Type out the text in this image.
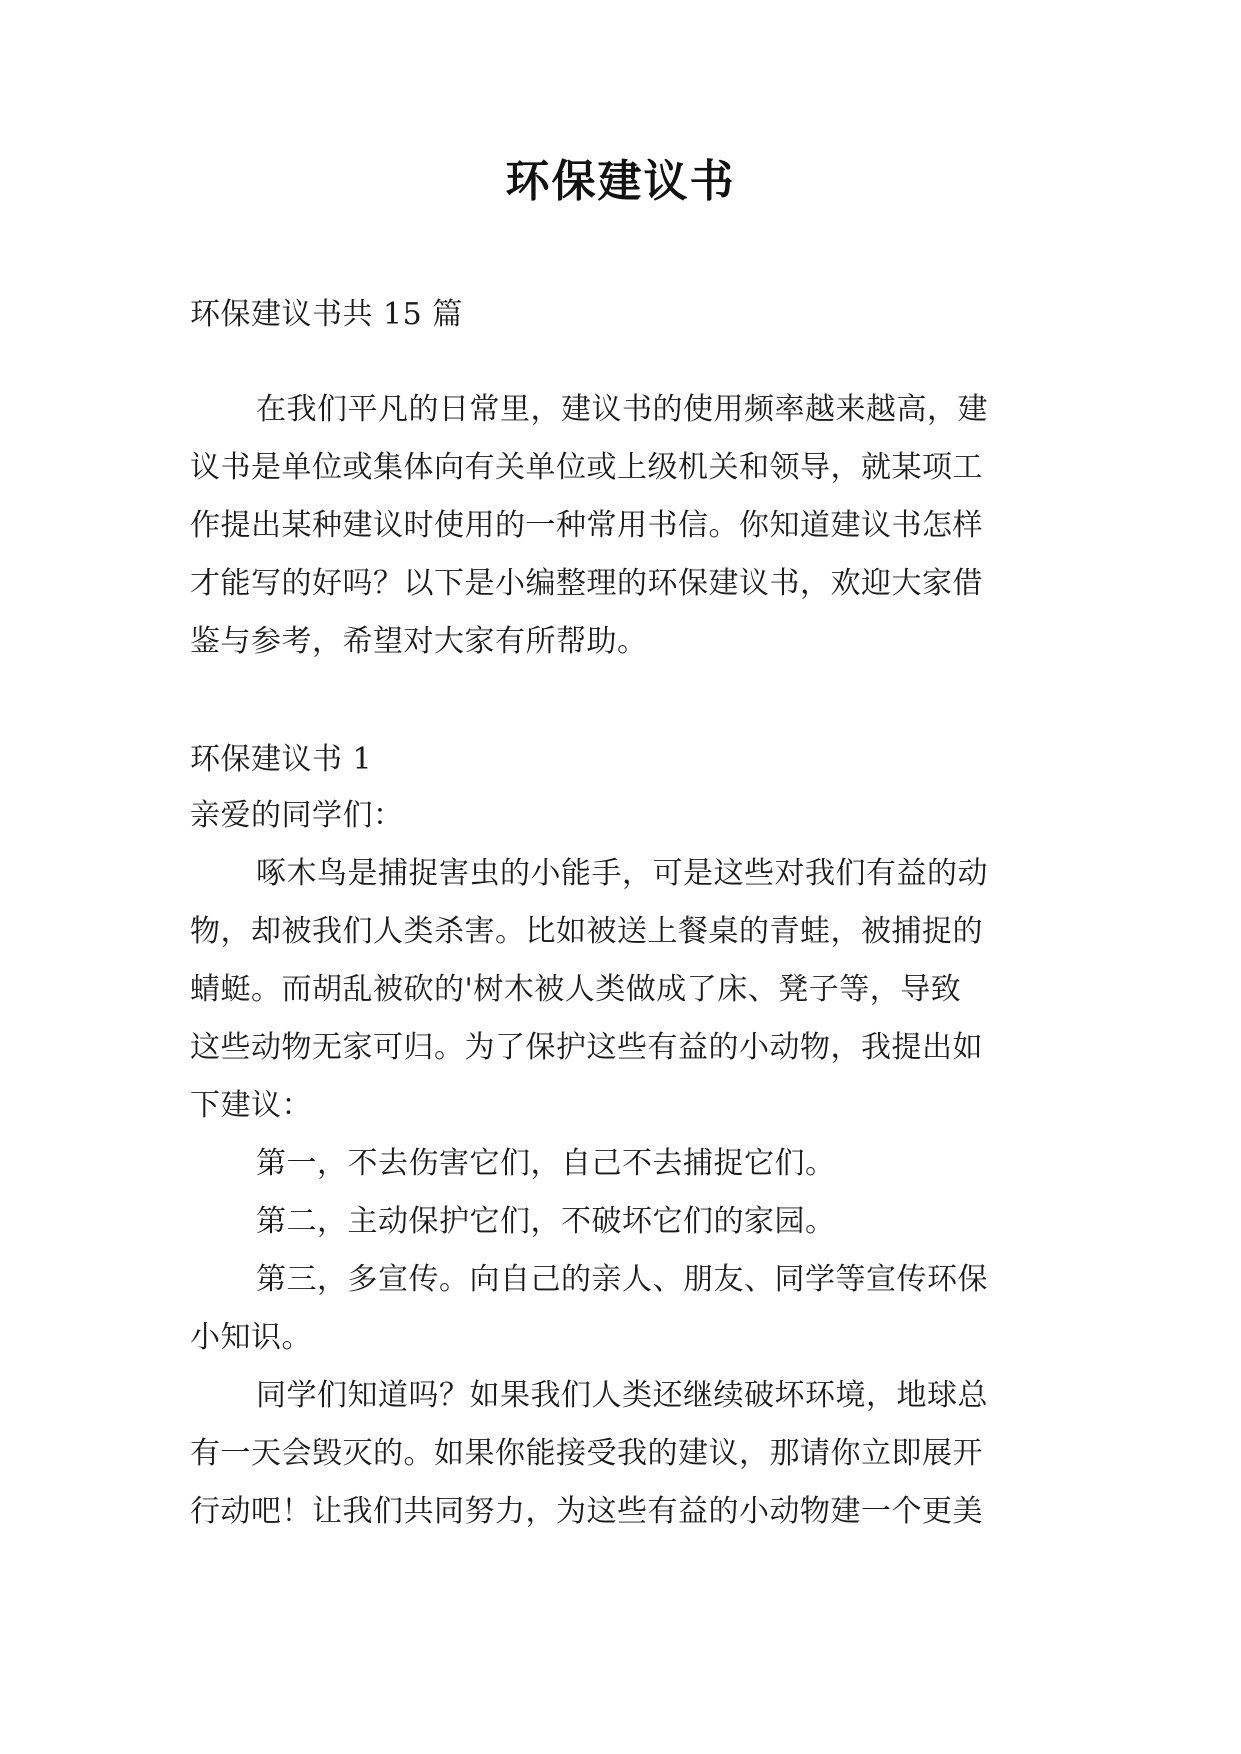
环保建议书

环保建议书共 15 篇

在我们平凡的日常里，建议书的使用频率越来越高，建

议书是单位或集体向有关单位或上级机关和领导，就某项工

作提出某种建议时使用的一种常用书信。你知道建议书怎样

才能写的好吗？以下是小编整理的环保建议书，欢迎大家借

鉴与参考，希望对大家有所帮助。

环保建议书 1

亲爱的同学们：

啄木鸟是捕捉害虫的小能手，可是这些对我们有益的动

物，却被我们人类杀害。比如被送上餐桌的青蛙，被捕捉的

蜻蜓。而胡乱被砍的'树木被人类做成了床、凳子等，导致

这些动物无家可归。为了保护这些有益的小动物，我提出如

下建议：

第一，不去伤害它们，自己不去捕捉它们。

第二，主动保护它们，不破坏它们的家园。

第三，多宣传。向自己的亲人、朋友、同学等宣传环保

小知识。

同学们知道吗？如果我们人类还继续破坏环境，地球总

有一天会毁灭的。如果你能接受我的建议，那请你立即展开

行动吧！让我们共同努力，为这些有益的小动物建一个更美
